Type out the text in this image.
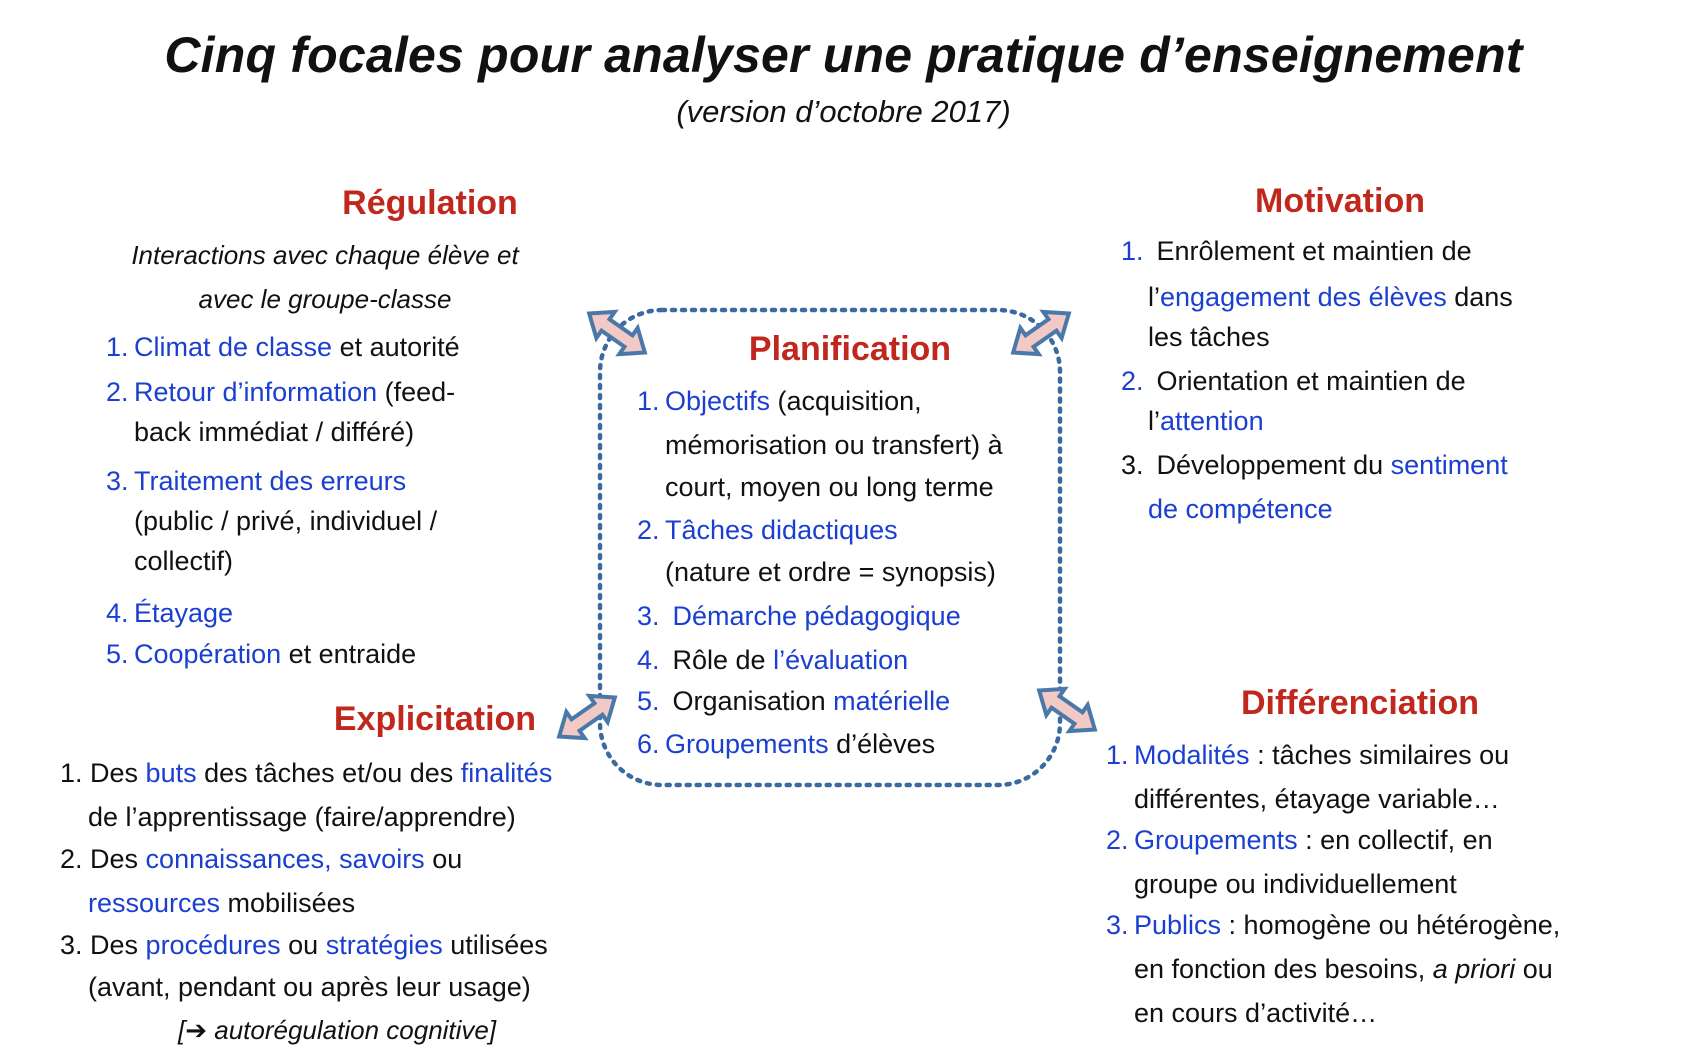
Cinq focales pour analyser une pratique d’enseignement
(version d’octobre 2017)
Régulation
Interactions avec chaque élève et
avec le groupe-classe
1. Climat de classe et autorité
2. Retour d’information (feed-
back immédiat / différé)
3. Traitement des erreurs
(public / privé, individuel /
collectif)
4. Étayage
5. Coopération et entraide
Explicitation
1. Des buts des tâches et/ou des finalités
de l’apprentissage (faire/apprendre)
2. Des connaissances, savoirs ou
ressources mobilisées
3. Des procédures ou stratégies utilisées
(avant, pendant ou après leur usage)
[➔ autorégulation cognitive]
Planification
1. Objectifs (acquisition,
mémorisation ou transfert) à
court, moyen ou long terme
2. Tâches didactiques
(nature et ordre = synopsis)
3. Démarche pédagogique
4. Rôle de l’évaluation
5. Organisation matérielle
6. Groupements d’élèves
Motivation
1. Enrôlement et maintien de
l’engagement des élèves dans
les tâches
2. Orientation et maintien de
l’attention
3. Développement du sentiment
de compétence
Différenciation
1. Modalités : tâches similaires ou
différentes, étayage variable…
2. Groupements : en collectif, en
groupe ou individuellement
3. Publics : homogène ou hétérogène,
en fonction des besoins, a priori ou
en cours d’activité…
